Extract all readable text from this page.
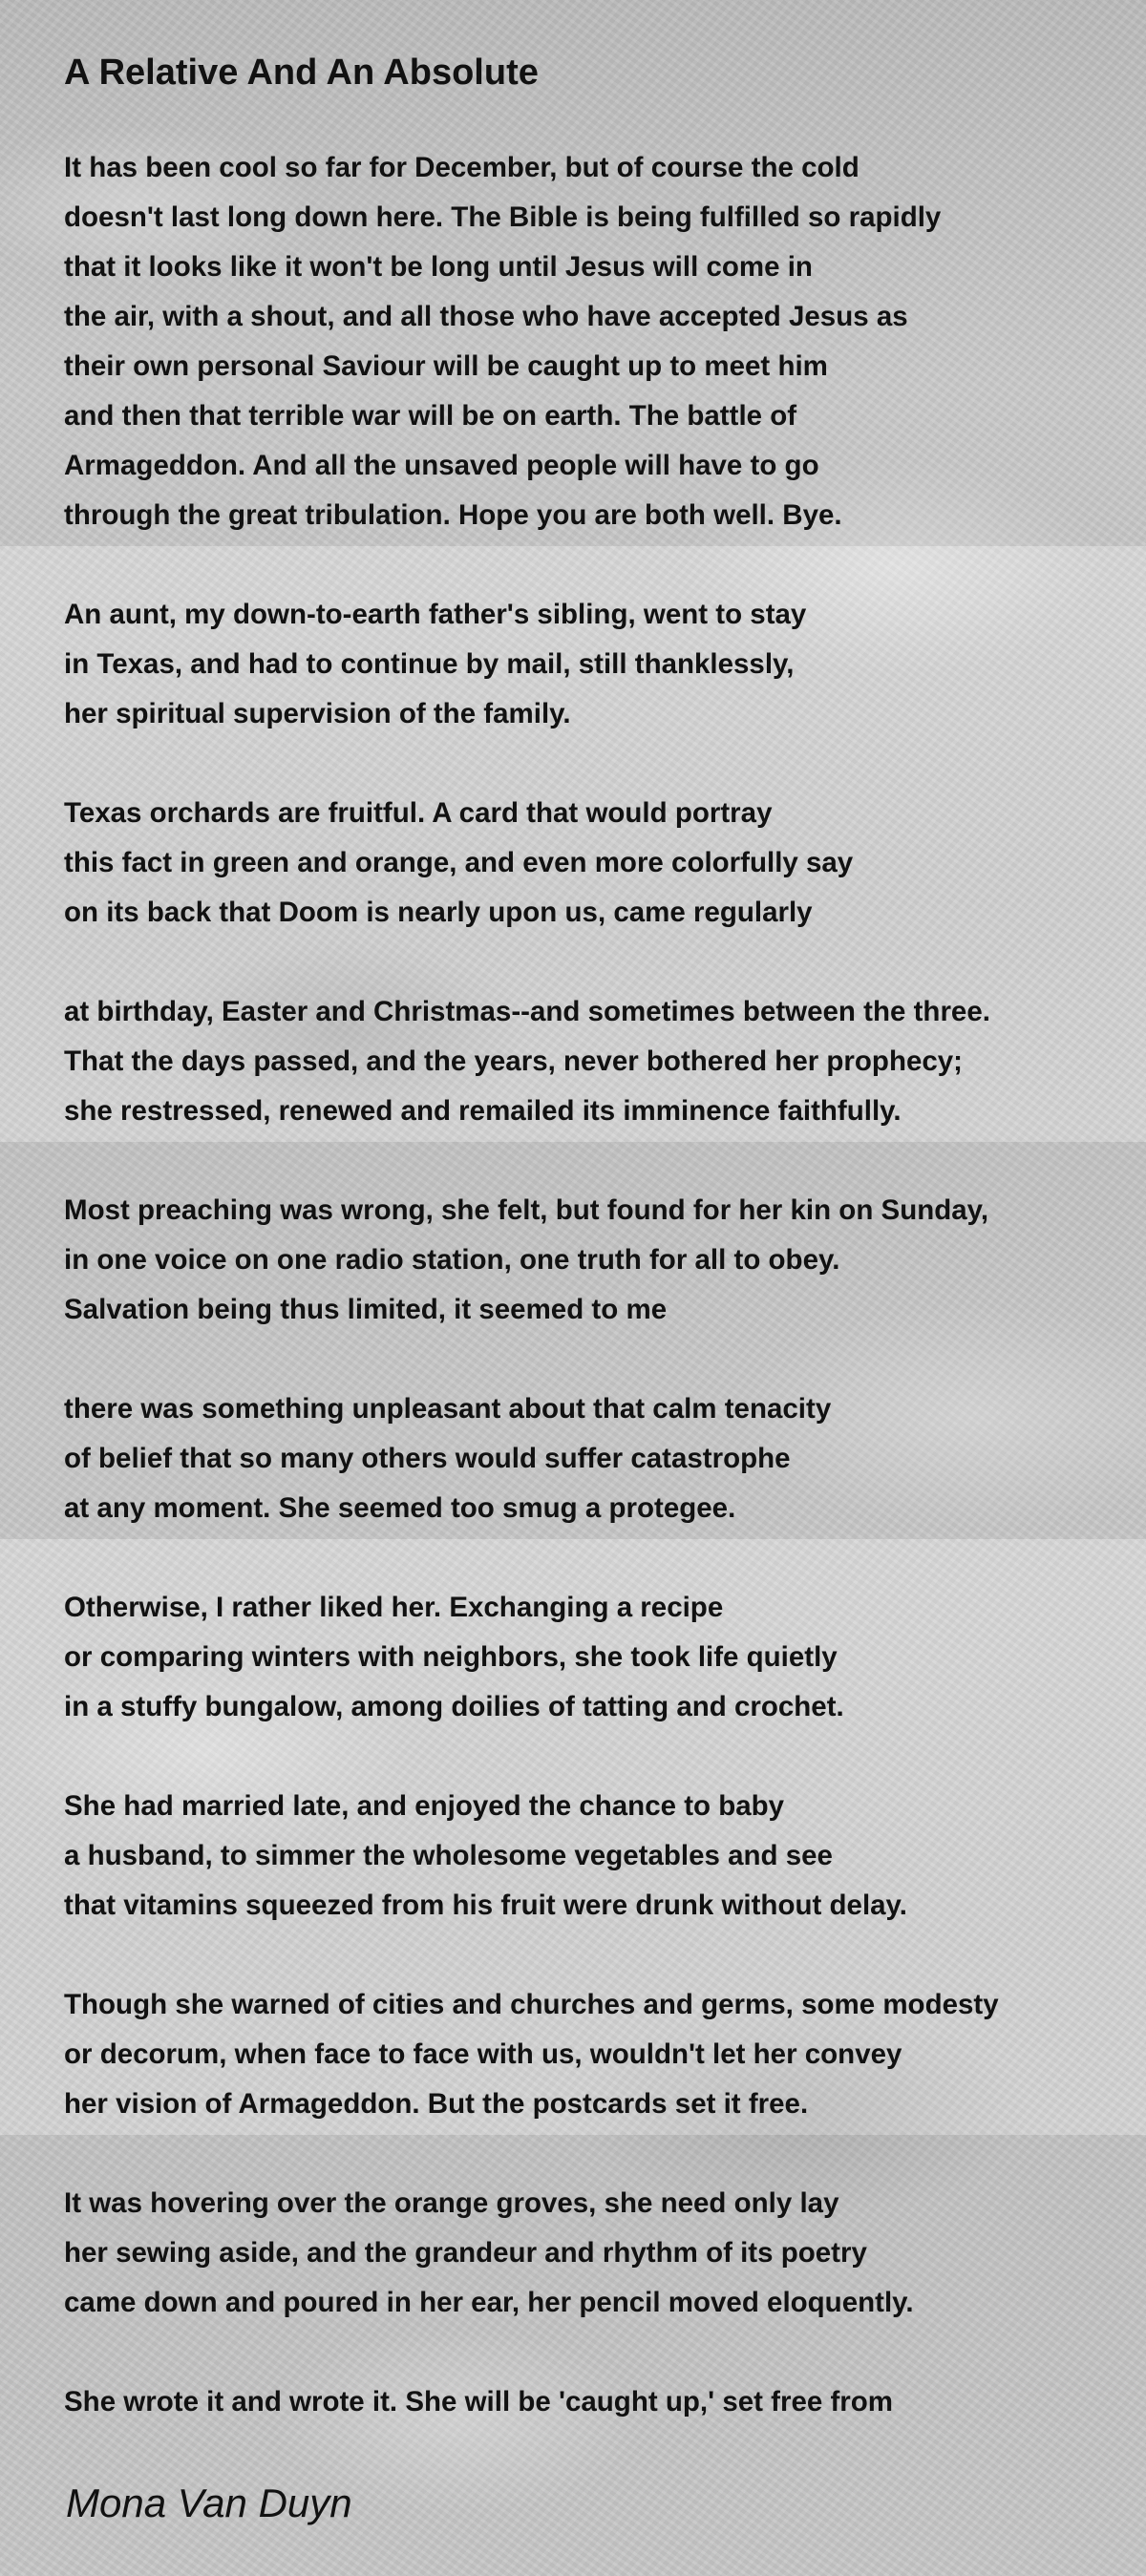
A Relative And An Absolute
It has been cool so far for December, but of course the cold
doesn't last long down here. The Bible is being fulfilled so rapidly
that it looks like it won't be long until Jesus will come in
the air, with a shout, and all those who have accepted Jesus as
their own personal Saviour will be caught up to meet him
and then that terrible war will be on earth. The battle of
Armageddon. And all the unsaved people will have to go
through the great tribulation. Hope you are both well. Bye.
An aunt, my down-to-earth father's sibling, went to stay
in Texas, and had to continue by mail, still thanklessly,
her spiritual supervision of the family.
Texas orchards are fruitful. A card that would portray
this fact in green and orange, and even more colorfully say
on its back that Doom is nearly upon us, came regularly
at birthday, Easter and Christmas--and sometimes between the three.
That the days passed, and the years, never bothered her prophecy;
she restressed, renewed and remailed its imminence faithfully.
Most preaching was wrong, she felt, but found for her kin on Sunday,
in one voice on one radio station, one truth for all to obey.
Salvation being thus limited, it seemed to me
there was something unpleasant about that calm tenacity
of belief that so many others would suffer catastrophe
at any moment. She seemed too smug a protegee.
Otherwise, I rather liked her. Exchanging a recipe
or comparing winters with neighbors, she took life quietly
in a stuffy bungalow, among doilies of tatting and crochet.
She had married late, and enjoyed the chance to baby
a husband, to simmer the wholesome vegetables and see
that vitamins squeezed from his fruit were drunk without delay.
Though she warned of cities and churches and germs, some modesty
or decorum, when face to face with us, wouldn't let her convey
her vision of Armageddon. But the postcards set it free.
It was hovering over the orange groves, she need only lay
her sewing aside, and the grandeur and rhythm of its poetry
came down and poured in her ear, her pencil moved eloquently.
She wrote it and wrote it. She will be 'caught up,' set free from
Mona Van Duyn
